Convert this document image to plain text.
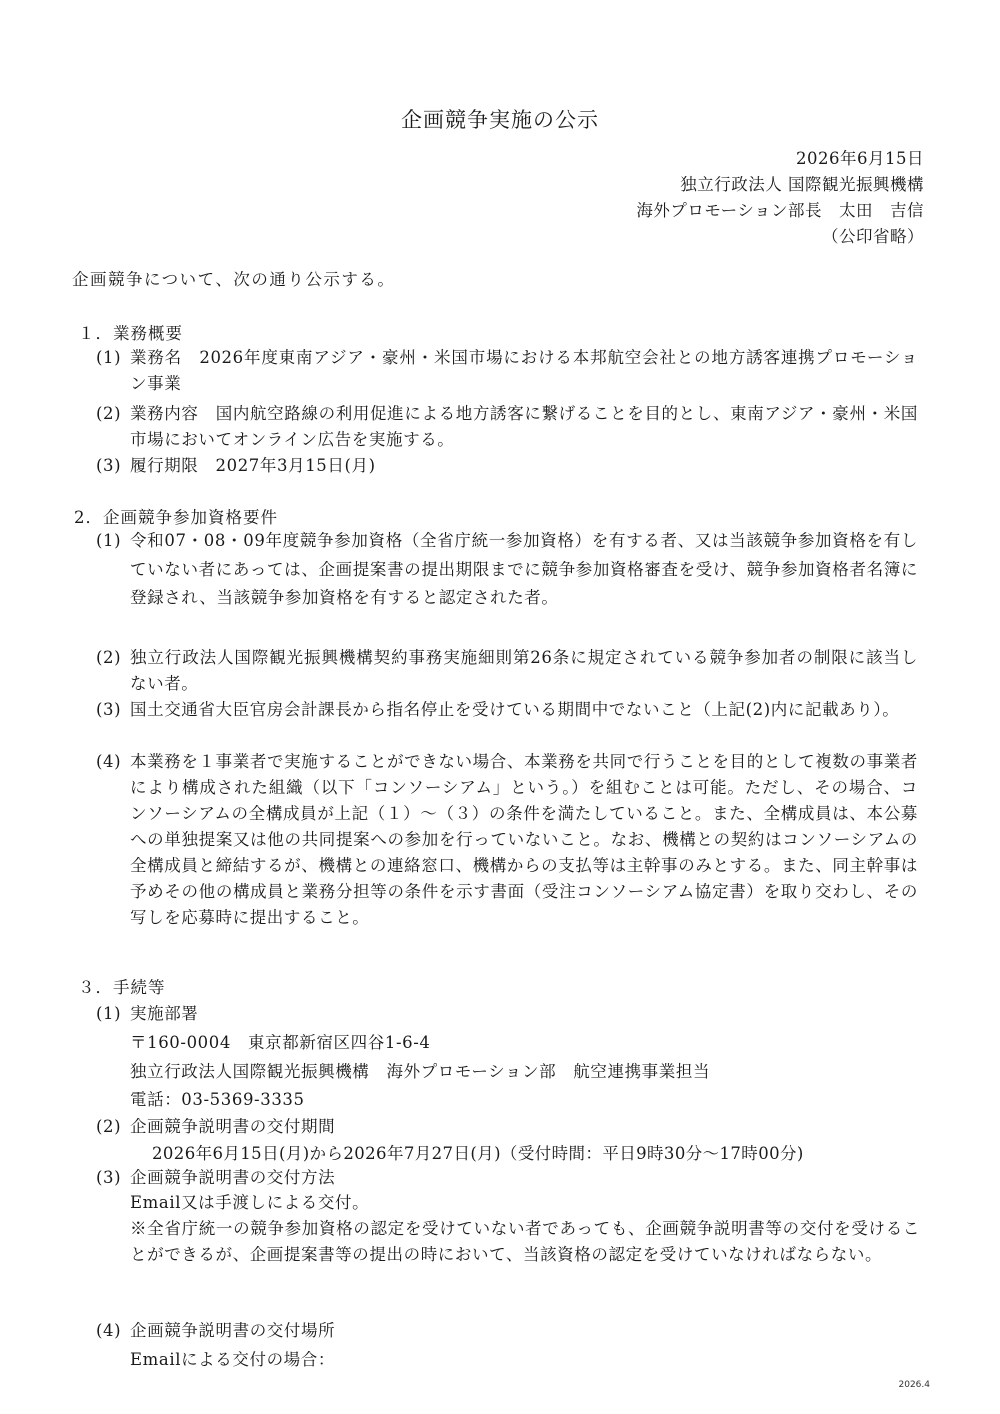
企画競争実施の公示
2026年6月15日
独立行政法人 国際観光振興機構
海外プロモーション部長　太田　吉信
（公印省略）
企画競争について、次の通り公示する。
１．業務概要
(1) 業務名　2026年度東南アジア・豪州・米国市場における本邦航空会社との地方誘客連携プロモーション事業
(2) 業務内容　国内航空路線の利用促進による地方誘客に繋げることを目的とし、東南アジア・豪州・米国市場においてオンライン広告を実施する。
(3) 履行期限　2027年3月15日(月)
2．企画競争参加資格要件
(1) 令和07・08・09年度競争参加資格（全省庁統一参加資格）を有する者、又は当該競争参加資格を有していない者にあっては、企画提案書の提出期限までに競争参加資格審査を受け、競争参加資格者名簿に登録され、当該競争参加資格を有すると認定された者。
(2) 独立行政法人国際観光振興機構契約事務実施細則第26条に規定されている競争参加者の制限に該当しない者。
(3) 国土交通省大臣官房会計課長から指名停止を受けている期間中でないこと（上記(2)内に記載あり）。
(4) 本業務を１事業者で実施することができない場合、本業務を共同で行うことを目的として複数の事業者により構成された組織（以下「コンソーシアム」という。）を組むことは可能。ただし、その場合、コンソーシアムの全構成員が上記（１）～（３）の条件を満たしていること。また、全構成員は、本公募への単独提案又は他の共同提案への参加を行っていないこと。なお、機構との契約はコンソーシアムの全構成員と締結するが、機構との連絡窓口、機構からの支払等は主幹事のみとする。また、同主幹事は予めその他の構成員と業務分担等の条件を示す書面（受注コンソーシアム協定書）を取り交わし、その写しを応募時に提出すること。
３．手続等
(1) 実施部署
〒160-0004　東京都新宿区四谷1-6-4
独立行政法人国際観光振興機構　海外プロモーション部　航空連携事業担当
電話：03-5369-3335
(2) 企画競争説明書の交付期間
2026年6月15日(月)から2026年7月27日(月)（受付時間：平日9時30分～17時00分)
(3) 企画競争説明書の交付方法
Email又は手渡しによる交付。
※全省庁統一の競争参加資格の認定を受けていない者であっても、企画競争説明書等の交付を受けることができるが、企画提案書等の提出の時において、当該資格の認定を受けていなければならない。
(4) 企画競争説明書の交付場所
Emailによる交付の場合：
2026.4
